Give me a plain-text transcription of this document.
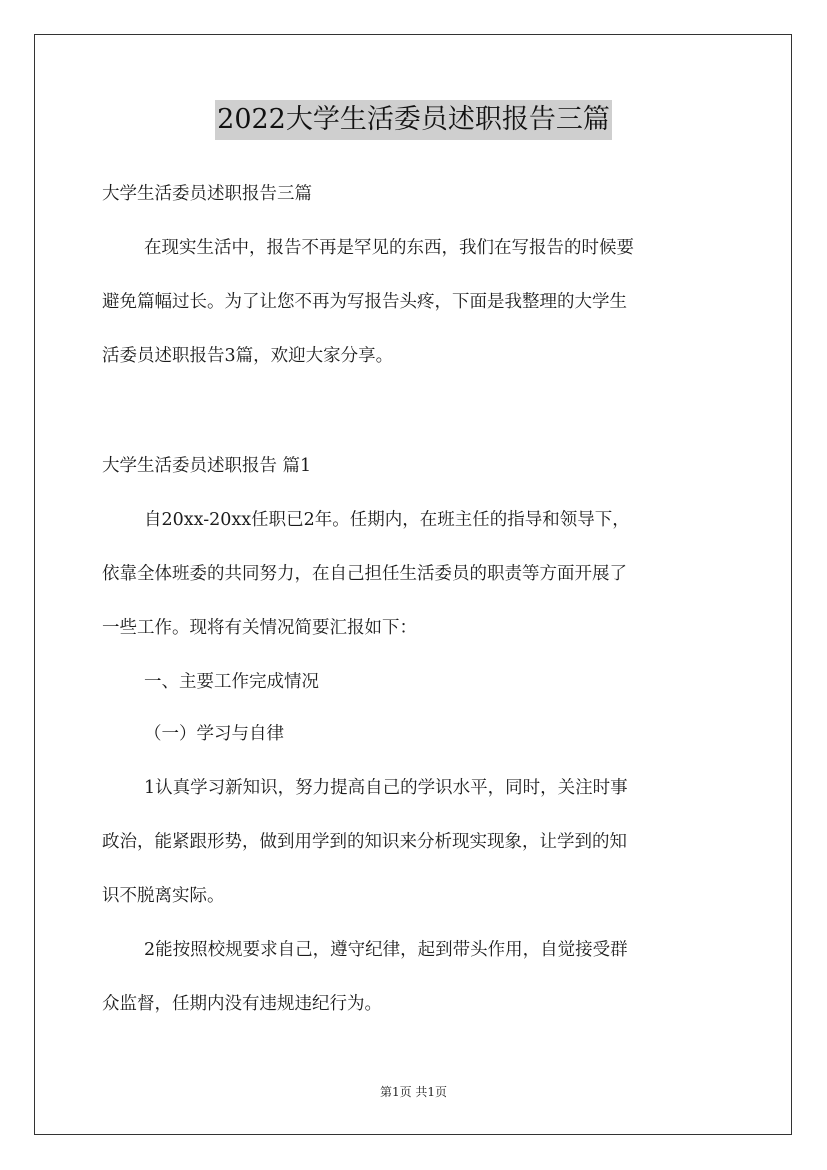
2022大学生活委员述职报告三篇
大学生活委员述职报告三篇
在现实生活中，报告不再是罕见的东西，我们在写报告的时候要
避免篇幅过长。为了让您不再为写报告头疼，下面是我整理的大学生
活委员述职报告3篇，欢迎大家分享。
大学生活委员述职报告 篇1
自20xx-20xx任职已2年。任期内，在班主任的指导和领导下，
依靠全体班委的共同努力，在自己担任生活委员的职责等方面开展了
一些工作。现将有关情况简要汇报如下：
一、主要工作完成情况
（一）学习与自律
1认真学习新知识，努力提高自己的学识水平，同时，关注时事
政治，能紧跟形势，做到用学到的知识来分析现实现象，让学到的知
识不脱离实际。
2能按照校规要求自己，遵守纪律，起到带头作用，自觉接受群
众监督，任期内没有违规违纪行为。
第1页 共1页
